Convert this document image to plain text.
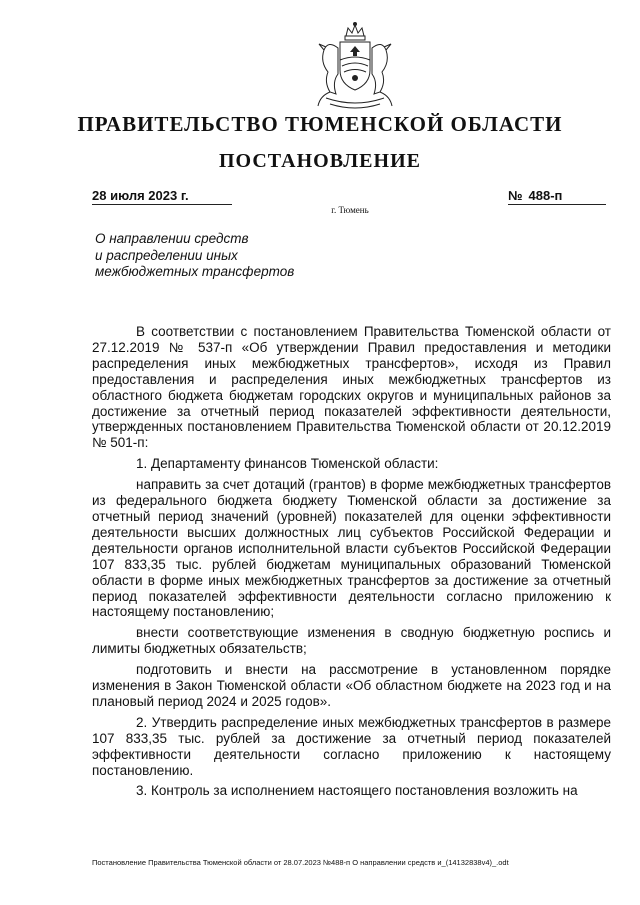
ПРАВИТЕЛЬСТВО ТЮМЕНСКОЙ ОБЛАСТИ
ПОСТАНОВЛЕНИЕ
28 июля 2023 г.	№ 488-п
г. Тюмень
О направлении средств
и распределении иных
межбюджетных трансфертов

В соответствии с постановлением Правительства Тюменской области от 27.12.2019 № 537-п «Об утверждении Правил предоставления и методики распределения иных межбюджетных трансфертов», исходя из Правил предоставления и распределения иных межбюджетных трансфертов из областного бюджета бюджетам городских округов и муниципальных районов за достижение за отчетный период показателей эффективности деятельности, утвержденных постановлением Правительства Тюменской области от 20.12.2019 № 501-п:

1. Департаменту финансов Тюменской области:

направить за счет дотаций (грантов) в форме межбюджетных трансфертов из федерального бюджета бюджету Тюменской области за достижение за отчетный период значений (уровней) показателей для оценки эффективности деятельности высших должностных лиц субъектов Российской Федерации и деятельности органов исполнительной власти субъектов Российской Федерации 107 833,35 тыс. рублей бюджетам муниципальных образований Тюменской области в форме иных межбюджетных трансфертов за достижение за отчетный период показателей эффективности деятельности согласно приложению к настоящему постановлению;

внести соответствующие изменения в сводную бюджетную роспись и лимиты бюджетных обязательств;

подготовить и внести на рассмотрение в установленном порядке изменения в Закон Тюменской области «Об областном бюджете на 2023 год и на плановый период 2024 и 2025 годов».

2. Утвердить распределение иных межбюджетных трансфертов в размере 107 833,35 тыс. рублей за достижение за отчетный период показателей эффективности деятельности согласно приложению к настоящему постановлению.

3. Контроль за исполнением настоящего постановления возложить на

Постановление Правительства Тюменской области от 28.07.2023 №488-п О направлении средств и_(14132838v4)_.odt
